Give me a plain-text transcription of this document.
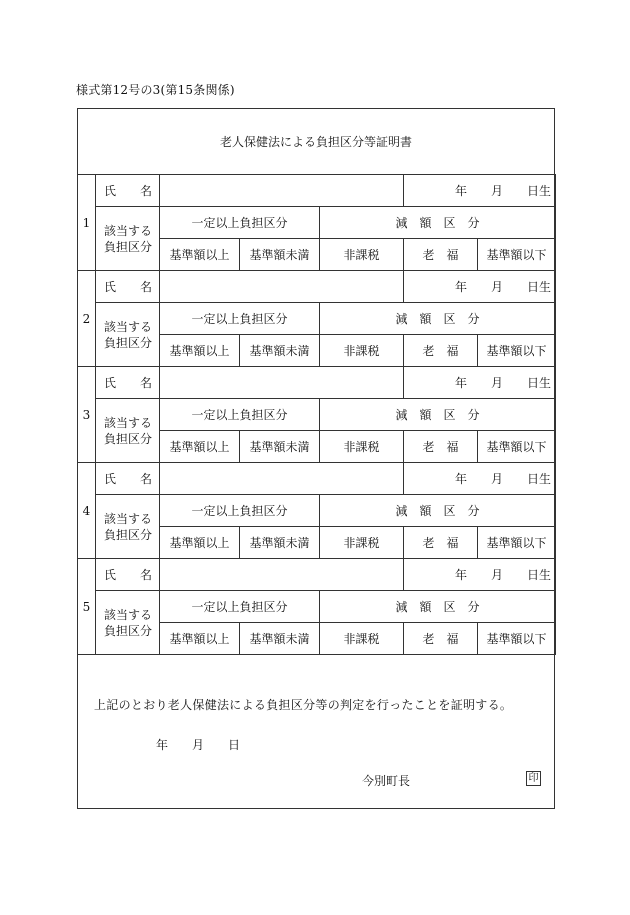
様式第12号の3(第15条関係)
老人保健法による負担区分等証明書
1	氏　　名				年　　月　　日生	
	該当する
負担区分	一定以上負担区分		減　額　区　分		
		基準額以上	基準額未満	非課税	老　福	基準額以下
2	氏　　名				年　　月　　日生	
	該当する
負担区分	一定以上負担区分		減　額　区　分		
		基準額以上	基準額未満	非課税	老　福	基準額以下
3	氏　　名				年　　月　　日生	
	該当する
負担区分	一定以上負担区分		減　額　区　分		
		基準額以上	基準額未満	非課税	老　福	基準額以下
4	氏　　名				年　　月　　日生	
	該当する
負担区分	一定以上負担区分		減　額　区　分		
		基準額以上	基準額未満	非課税	老　福	基準額以下
5	氏　　名				年　　月　　日生	
	該当する
負担区分	一定以上負担区分		減　額　区　分		
		基準額以上	基準額未満	非課税	老　福	基準額以下
上記のとおり老人保健法による負担区分等の判定を行ったことを証明する。
年　　月　　日
今別町長	印
